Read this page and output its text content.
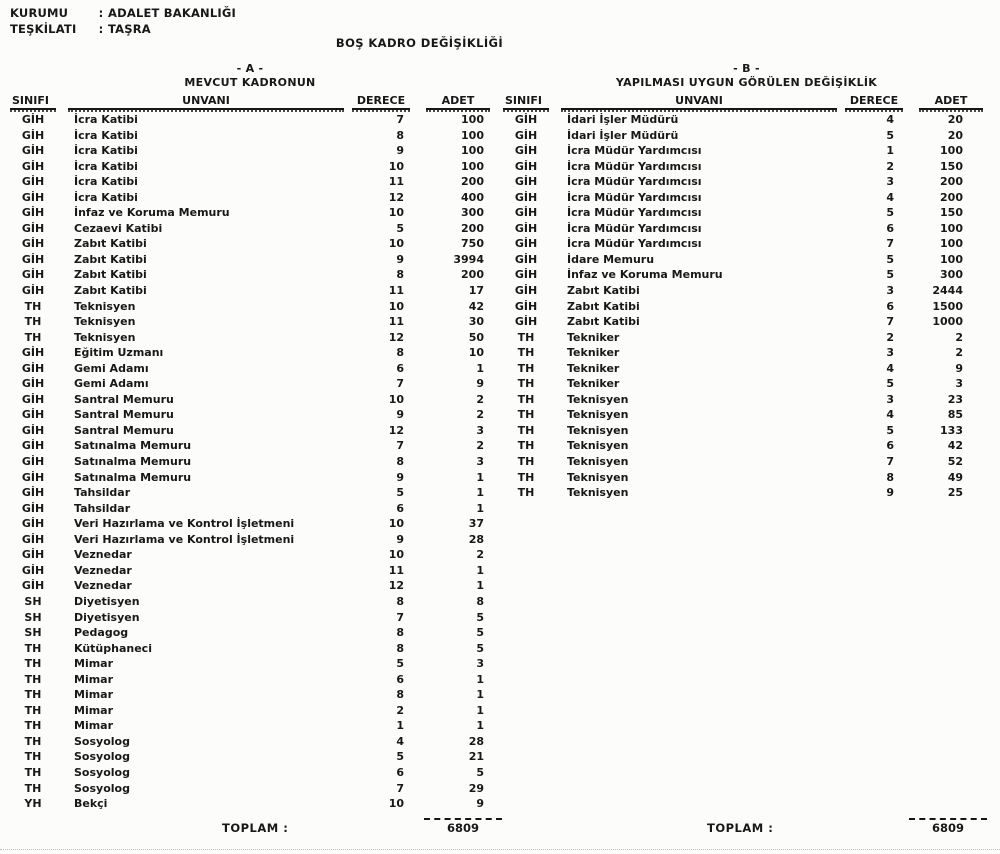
KURUMU	: ADALET BAKANLIĞI
TEŞKİLATI	: TAŞRA
BOŞ KADRO DEĞİŞİKLİĞİ
- A -
MEVCUT KADRONUN
SINIFI	UNVANI	DERECE	ADET
GİH	İcra Katibi	7	100
GİH	İcra Katibi	8	100
GİH	İcra Katibi	9	100
GİH	İcra Katibi	10	100
GİH	İcra Katibi	11	200
GİH	İcra Katibi	12	400
GİH	İnfaz ve Koruma Memuru	10	300
GİH	Cezaevi Katibi	5	200
GİH	Zabıt Katibi	10	750
GİH	Zabıt Katibi	9	3994
GİH	Zabıt Katibi	8	200
GİH	Zabıt Katibi	11	17
TH	Teknisyen	10	42
TH	Teknisyen	11	30
TH	Teknisyen	12	50
GİH	Eğitim Uzmanı	8	10
GİH	Gemi Adamı	6	1
GİH	Gemi Adamı	7	9
GİH	Santral Memuru	10	2
GİH	Santral Memuru	9	2
GİH	Santral Memuru	12	3
GİH	Satınalma Memuru	7	2
GİH	Satınalma Memuru	8	3
GİH	Satınalma Memuru	9	1
GİH	Tahsildar	5	1
GİH	Tahsildar	6	1
GİH	Veri Hazırlama ve Kontrol İşletmeni	10	37
GİH	Veri Hazırlama ve Kontrol İşletmeni	9	28
GİH	Veznedar	10	2
GİH	Veznedar	11	1
GİH	Veznedar	12	1
SH	Diyetisyen	8	8
SH	Diyetisyen	7	5
SH	Pedagog	8	5
TH	Kütüphaneci	8	5
TH	Mimar	5	3
TH	Mimar	6	1
TH	Mimar	8	1
TH	Mimar	2	1
TH	Mimar	1	1
TH	Sosyolog	4	28
TH	Sosyolog	5	21
TH	Sosyolog	6	5
TH	Sosyolog	7	29
YH	Bekçi	10	9
TOPLAM :	6809
- B -
YAPILMASI UYGUN GÖRÜLEN DEĞİŞİKLİK
SINIFI	UNVANI	DERECE	ADET
GİH	İdari İşler Müdürü	4	20
GİH	İdari İşler Müdürü	5	20
GİH	İcra Müdür Yardımcısı	1	100
GİH	İcra Müdür Yardımcısı	2	150
GİH	İcra Müdür Yardımcısı	3	200
GİH	İcra Müdür Yardımcısı	4	200
GİH	İcra Müdür Yardımcısı	5	150
GİH	İcra Müdür Yardımcısı	6	100
GİH	İcra Müdür Yardımcısı	7	100
GİH	İdare Memuru	5	100
GİH	İnfaz ve Koruma Memuru	5	300
GİH	Zabıt Katibi	3	2444
GİH	Zabıt Katibi	6	1500
GİH	Zabıt Katibi	7	1000
TH	Tekniker	2	2
TH	Tekniker	3	2
TH	Tekniker	4	9
TH	Tekniker	5	3
TH	Teknisyen	3	23
TH	Teknisyen	4	85
TH	Teknisyen	5	133
TH	Teknisyen	6	42
TH	Teknisyen	7	52
TH	Teknisyen	8	49
TH	Teknisyen	9	25
TOPLAM :	6809
